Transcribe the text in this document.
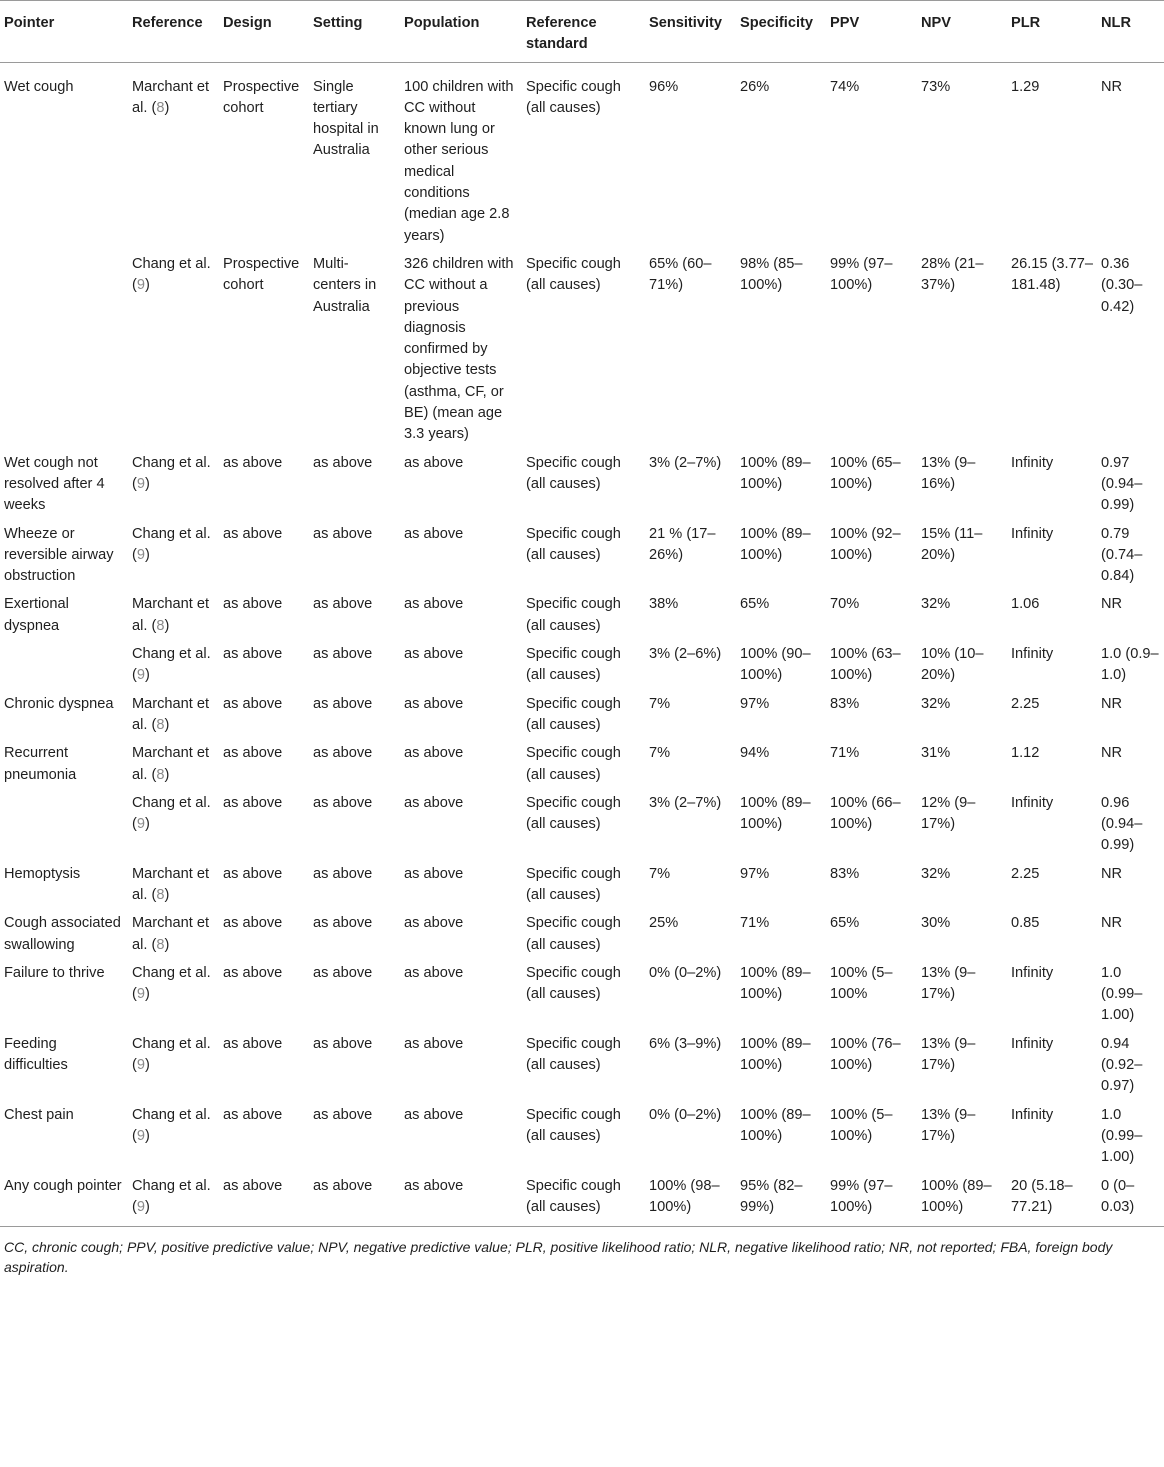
Pointer	Reference	Design	Setting	Population	Reference standard	Sensitivity	Specificity	PPV	NPV	PLR	NLR
Wet cough	Marchant et al. (8)	Prospective cohort	Single tertiary hospital in Australia	100 children with CC without known lung or other serious medical conditions (median age 2.8 years)	Specific cough (all causes)	96%	26%	74%	73%	1.29	NR
	Chang et al. (9)	Prospective cohort	Multi-centers in Australia	326 children with CC without a previous diagnosis confirmed by objective tests (asthma, CF, or BE) (mean age 3.3 years)	Specific cough (all causes)	65% (60–71%)	98% (85–100%)	99% (97–100%)	28% (21–37%)	26.15 (3.77–181.48)	0.36 (0.30–0.42)
Wet cough not resolved after 4 weeks	Chang et al. (9)	as above	as above	as above	Specific cough (all causes)	3% (2–7%)	100% (89–100%)	100% (65–100%)	13% (9–16%)	Infinity	0.97 (0.94–0.99)
Wheeze or reversible airway obstruction	Chang et al. (9)	as above	as above	as above	Specific cough (all causes)	21 % (17–26%)	100% (89–100%)	100% (92–100%)	15% (11–20%)	Infinity	0.79 (0.74–0.84)
Exertional dyspnea	Marchant et al. (8)	as above	as above	as above	Specific cough (all causes)	38%	65%	70%	32%	1.06	NR
	Chang et al. (9)	as above	as above	as above	Specific cough (all causes)	3% (2–6%)	100% (90–100%)	100% (63–100%)	10% (10–20%)	Infinity	1.0 (0.9–1.0)
Chronic dyspnea	Marchant et al. (8)	as above	as above	as above	Specific cough (all causes)	7%	97%	83%	32%	2.25	NR
Recurrent pneumonia	Marchant et al. (8)	as above	as above	as above	Specific cough (all causes)	7%	94%	71%	31%	1.12	NR
	Chang et al. (9)	as above	as above	as above	Specific cough (all causes)	3% (2–7%)	100% (89–100%)	100% (66–100%)	12% (9–17%)	Infinity	0.96 (0.94–0.99)
Hemoptysis	Marchant et al. (8)	as above	as above	as above	Specific cough (all causes)	7%	97%	83%	32%	2.25	NR
Cough associated swallowing	Marchant et al. (8)	as above	as above	as above	Specific cough (all causes)	25%	71%	65%	30%	0.85	NR
Failure to thrive	Chang et al. (9)	as above	as above	as above	Specific cough (all causes)	0% (0–2%)	100% (89–100%)	100% (5–100%	13% (9–17%)	Infinity	1.0 (0.99–1.00)
Feeding difficulties	Chang et al. (9)	as above	as above	as above	Specific cough (all causes)	6% (3–9%)	100% (89–100%)	100% (76–100%)	13% (9–17%)	Infinity	0.94 (0.92–0.97)
Chest pain	Chang et al. (9)	as above	as above	as above	Specific cough (all causes)	0% (0–2%)	100% (89–100%)	100% (5–100%)	13% (9–17%)	Infinity	1.0 (0.99–1.00)
Any cough pointer	Chang et al. (9)	as above	as above	as above	Specific cough (all causes)	100% (98–100%)	95% (82–99%)	99% (97–100%)	100% (89–100%)	20 (5.18–77.21)	0 (0–0.03)
CC, chronic cough; PPV, positive predictive value; NPV, negative predictive value; PLR, positive likelihood ratio; NLR, negative likelihood ratio; NR, not reported; FBA, foreign body aspiration.
